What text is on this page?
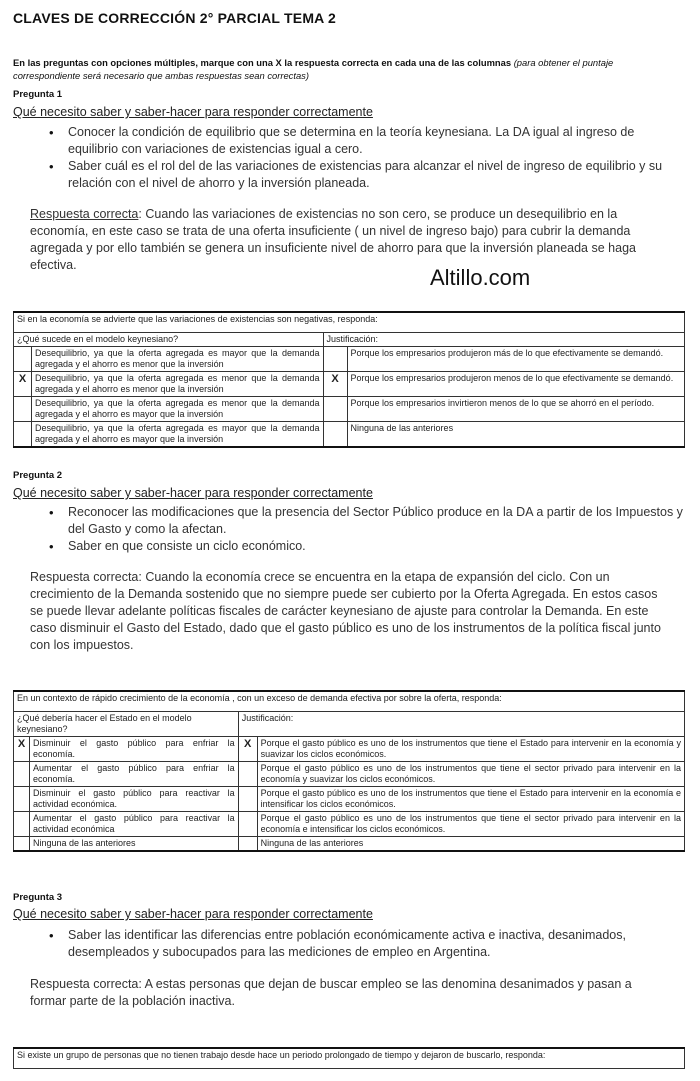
CLAVES DE CORRECCIÓN 2° PARCIAL TEMA 2
En las preguntas con opciones múltiples, marque con una X la respuesta correcta en cada una de las columnas (para obtener el puntaje correspondiente será necesario que ambas respuestas sean correctas)
Pregunta 1
Qué necesito saber y saber-hacer para responder correctamente
• Conocer la condición de equilibrio que se determina en la teoría keynesiana. La DA igual al ingreso de equilibrio con variaciones de existencias igual a cero.
• Saber cuál es el rol del de las variaciones de existencias para alcanzar el nivel de ingreso de equilibrio y su relación con el nivel de ahorro y la inversión planeada.
Respuesta correcta: Cuando las variaciones de existencias no son cero, se produce un desequilibrio en la economía, en este caso se trata de una oferta insuficiente ( un nivel de ingreso bajo) para cubrir la demanda agregada y por ello también se genera un insuficiente nivel de ahorro para que la inversión planeada se haga efectiva.	Altillo.com
Si en la economía se advierte que las variaciones de existencias son negativas, responda:			
¿Qué sucede en el modelo keynesiano?		Justificación:	
	Desequilibrio, ya que la oferta agregada es mayor que la demanda agregada y el ahorro es menor que la inversión		Porque los empresarios produjeron más de lo que efectivamente se demandó.
X	Desequilibrio, ya que la oferta agregada es menor que la demanda agregada y el ahorro es menor que la inversión	X	Porque los empresarios produjeron menos de lo que efectivamente se demandó.
	Desequilibrio, ya que la oferta agregada es menor que la demanda agregada y el ahorro es mayor que la inversión		Porque los empresarios invirtieron menos de lo que se ahorró en el período.
	Desequilibrio, ya que la oferta agregada es mayor que la demanda agregada y el ahorro es mayor que la inversión		Ninguna de las anteriores
Pregunta 2
Qué necesito saber y saber-hacer para responder correctamente
• Reconocer las modificaciones que la presencia del Sector Público produce en la DA a partir de los Impuestos y del Gasto y como la afectan.
• Saber en que consiste un ciclo económico.
Respuesta correcta: Cuando la economía crece se encuentra en la etapa de expansión del ciclo. Con un crecimiento de la Demanda sostenido que no siempre puede ser cubierto por la Oferta Agregada. En estos casos se puede llevar adelante políticas fiscales de carácter keynesiano de ajuste para controlar la Demanda. En este caso disminuir el Gasto del Estado, dado que el gasto público es uno de los instrumentos de la política fiscal junto con los impuestos.
En un contexto de rápido crecimiento de la economía , con un exceso de demanda efectiva por sobre la oferta, responda:			
¿Qué debería hacer el Estado en el modelo keynesiano?		Justificación:	
X	Disminuir el gasto público para enfriar la economía.	X	Porque el gasto público es uno de los instrumentos que tiene el Estado para intervenir en la economía y suavizar los ciclos económicos.
	Aumentar el gasto público para enfriar la economía.		Porque el gasto público es uno de los instrumentos que tiene el sector privado para intervenir en la economía y suavizar los ciclos económicos.
	Disminuir el gasto público para reactivar la actividad económica.		Porque el gasto público es uno de los instrumentos que tiene el Estado para intervenir en la economía e intensificar los ciclos económicos.
	Aumentar el gasto público para reactivar la actividad económica		Porque el gasto público es uno de los instrumentos que tiene el sector privado para intervenir en la economía e intensificar los ciclos económicos.
	Ninguna de las anteriores		Ninguna de las anteriores
Pregunta 3
Qué necesito saber y saber-hacer para responder correctamente
• Saber las identificar las diferencias entre población económicamente activa e inactiva, desanimados, desempleados y subocupados para las mediciones de empleo en Argentina.
Respuesta correcta: A estas personas que dejan de buscar empleo se las denomina desanimados y pasan a formar parte de la población inactiva.
Si existe un grupo de personas que no tienen trabajo desde hace un periodo prolongado de tiempo y dejaron de buscarlo, responda:
